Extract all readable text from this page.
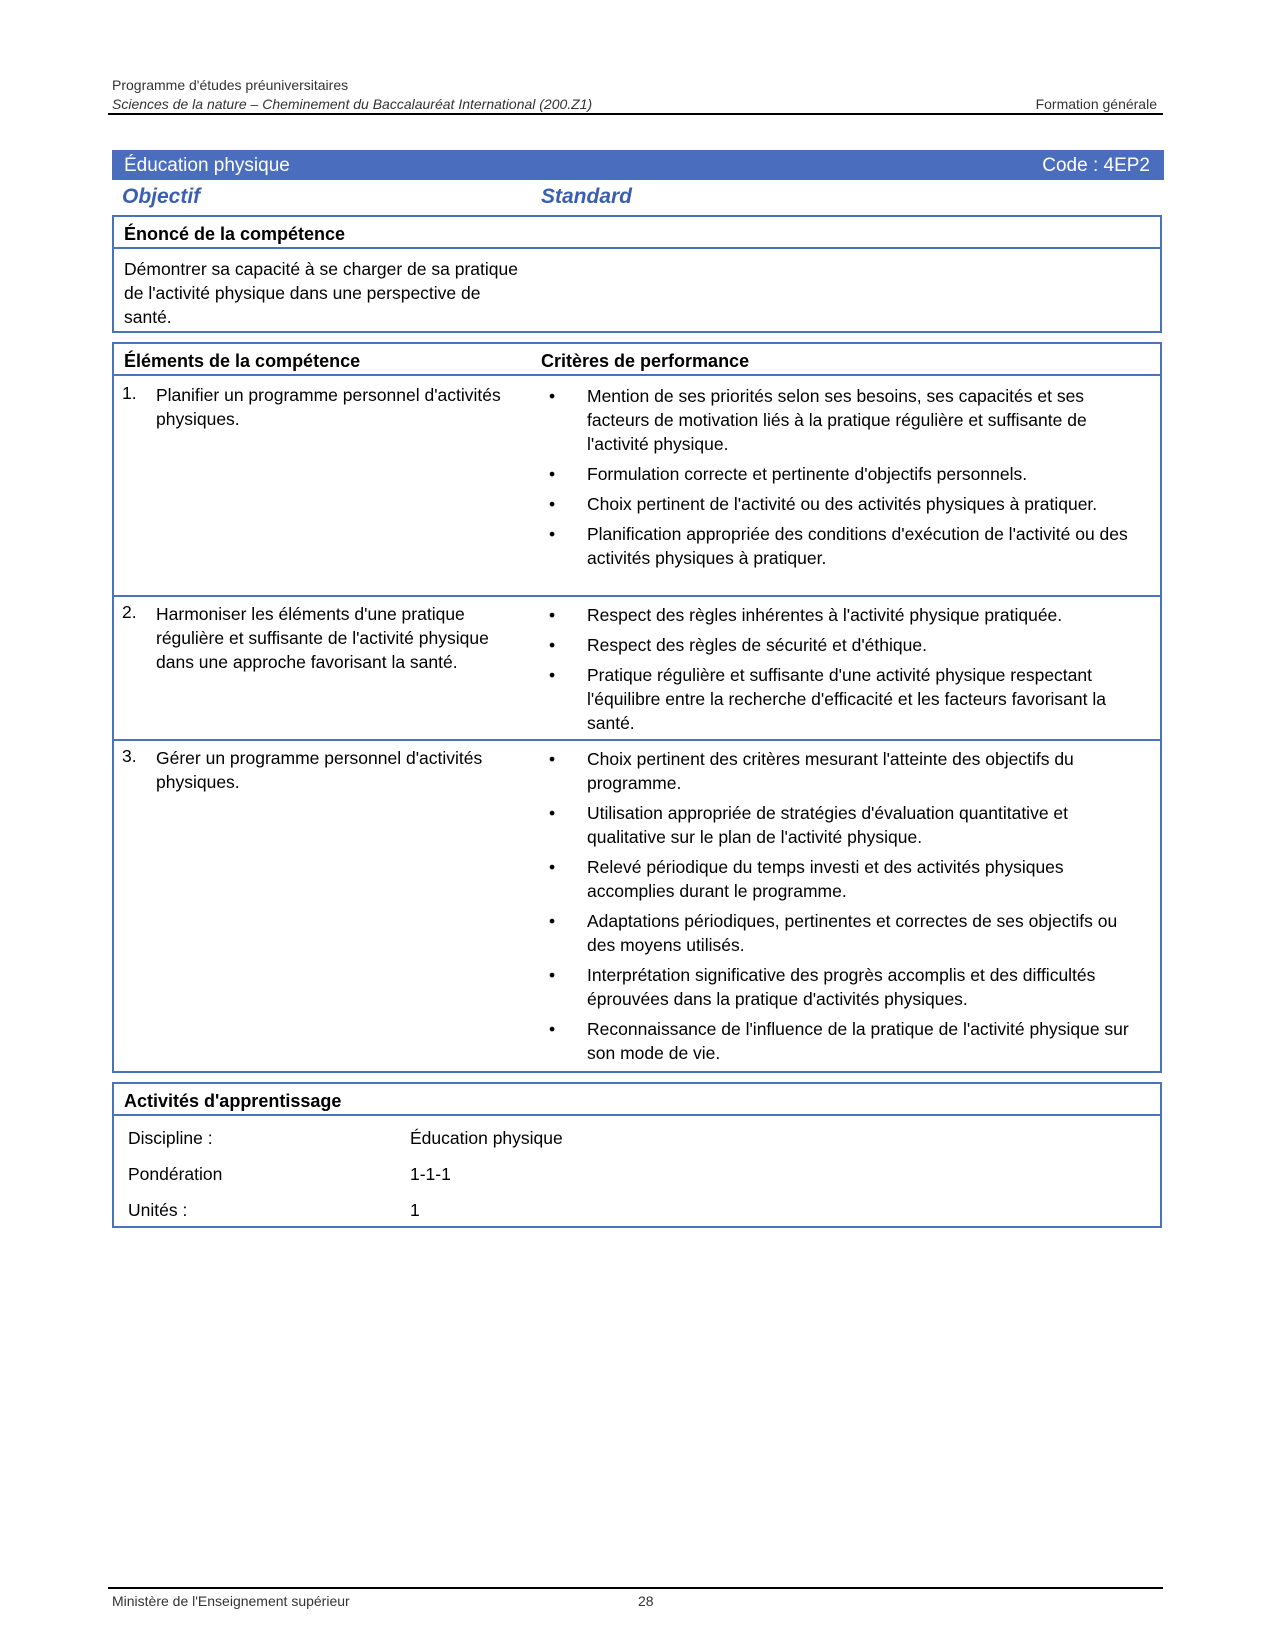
Programme d'études préuniversitaires
Sciences de la nature – Cheminement du Baccalauréat International (200.Z1)	Formation générale
Éducation physique	Code : 4EP2
Objectif	Standard
Énoncé de la compétence
Démontrer sa capacité à se charger de sa pratique de l'activité physique dans une perspective de santé.
Éléments de la compétence	Critères de performance
1. Planifier un programme personnel d'activités physiques.
• Mention de ses priorités selon ses besoins, ses capacités et ses facteurs de motivation liés à la pratique régulière et suffisante de l'activité physique.
• Formulation correcte et pertinente d'objectifs personnels.
• Choix pertinent de l'activité ou des activités physiques à pratiquer.
• Planification appropriée des conditions d'exécution de l'activité ou des activités physiques à pratiquer.
2. Harmoniser les éléments d'une pratique régulière et suffisante de l'activité physique dans une approche favorisant la santé.
• Respect des règles inhérentes à l'activité physique pratiquée.
• Respect des règles de sécurité et d'éthique.
• Pratique régulière et suffisante d'une activité physique respectant l'équilibre entre la recherche d'efficacité et les facteurs favorisant la santé.
3. Gérer un programme personnel d'activités physiques.
• Choix pertinent des critères mesurant l'atteinte des objectifs du programme.
• Utilisation appropriée de stratégies d'évaluation quantitative et qualitative sur le plan de l'activité physique.
• Relevé périodique du temps investi et des activités physiques accomplies durant le programme.
• Adaptations périodiques, pertinentes et correctes de ses objectifs ou des moyens utilisés.
• Interprétation significative des progrès accomplis et des difficultés éprouvées dans la pratique d'activités physiques.
• Reconnaissance de l'influence de la pratique de l'activité physique sur son mode de vie.
Activités d'apprentissage
Discipline :	Éducation physique
Pondération	1-1-1
Unités :	1
Ministère de l'Enseignement supérieur	28
